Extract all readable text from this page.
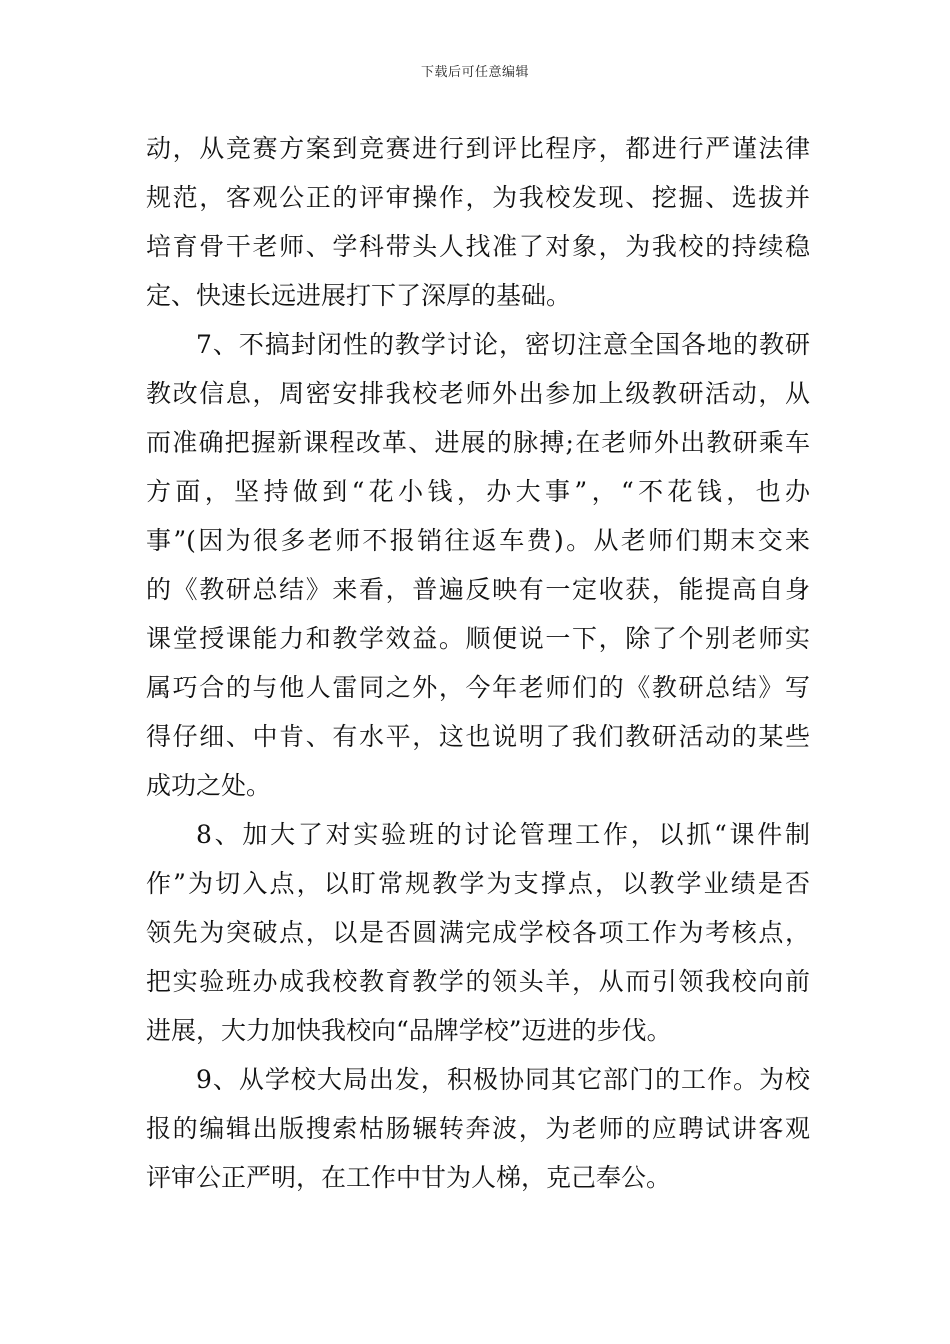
下载后可任意编辑
动，从竞赛方案到竞赛进行到评比程序，都进行严谨法律
规范，客观公正的评审操作，为我校发现、挖掘、选拔并
培育骨干老师、学科带头人找准了对象，为我校的持续稳
定、快速长远进展打下了深厚的基础。
7、不搞封闭性的教学讨论，密切注意全国各地的教研
教改信息，周密安排我校老师外出参加上级教研活动，从
而准确把握新课程改革、进展的脉搏;在老师外出教研乘车
方面，坚持做到“花小钱，办大事”，“不花钱，也办
事”(因为很多老师不报销往返车费)。从老师们期末交来
的《教研总结》来看，普遍反映有一定收获，能提高自身
课堂授课能力和教学效益。顺便说一下，除了个别老师实
属巧合的与他人雷同之外，今年老师们的《教研总结》写
得仔细、中肯、有水平，这也说明了我们教研活动的某些
成功之处。
8、加大了对实验班的讨论管理工作，以抓“课件制
作”为切入点，以盯常规教学为支撑点，以教学业绩是否
领先为突破点，以是否圆满完成学校各项工作为考核点，
把实验班办成我校教育教学的领头羊，从而引领我校向前
进展，大力加快我校向“品牌学校”迈进的步伐。
9、从学校大局出发，积极协同其它部门的工作。为校
报的编辑出版搜索枯肠辗转奔波，为老师的应聘试讲客观
评审公正严明，在工作中甘为人梯，克己奉公。
